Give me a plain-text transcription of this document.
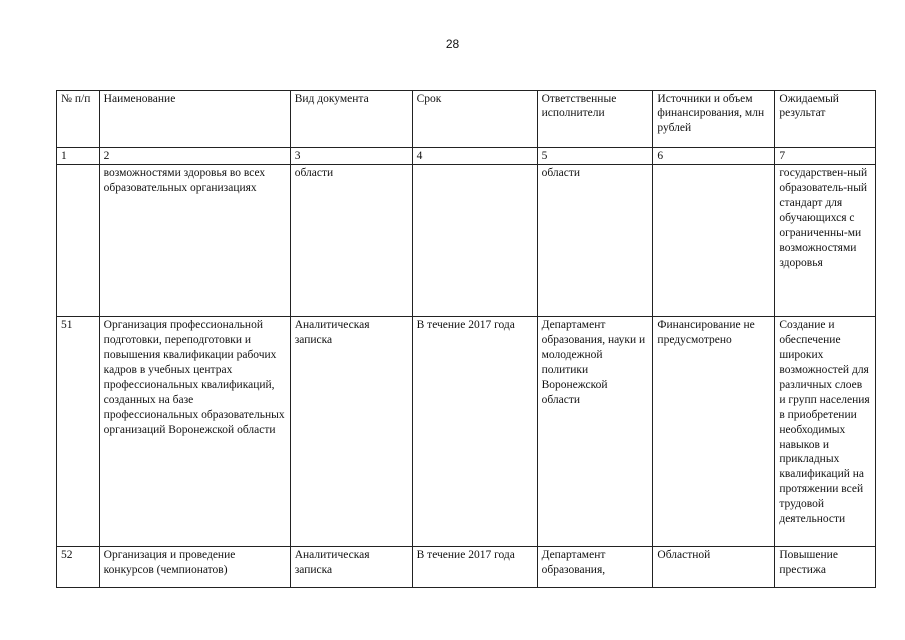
28
№ п/п	Наименование	Вид документа	Срок	Ответственные исполнители	Источники и объем финансирования, млн рублей	Ожидаемый результат
1	2	3	4	5	6	7
	возможностями здоровья во всех образовательных организациях	области		области		государствен-ный образователь-ный стандарт для обучающихся с ограниченны-ми возможностями здоровья
51	Организация профессиональной подготовки, переподготовки и повышения квалификации рабочих кадров в учебных центрах профессиональных квалификаций, созданных на базе профессиональных образовательных организаций Воронежской области	Аналитическая записка	В течение 2017 года	Департамент образования, науки и молодежной политики Воронежской области	Финансирование не предусмотрено	Создание и обеспечение широких возможностей для различных слоев и групп населения в приобретении необходимых навыков и прикладных квалификаций на протяжении всей трудовой деятельности
52	Организация и проведение конкурсов (чемпионатов)	Аналитическая записка	В течение 2017 года	Департамент образования,	Областной	Повышение престижа
